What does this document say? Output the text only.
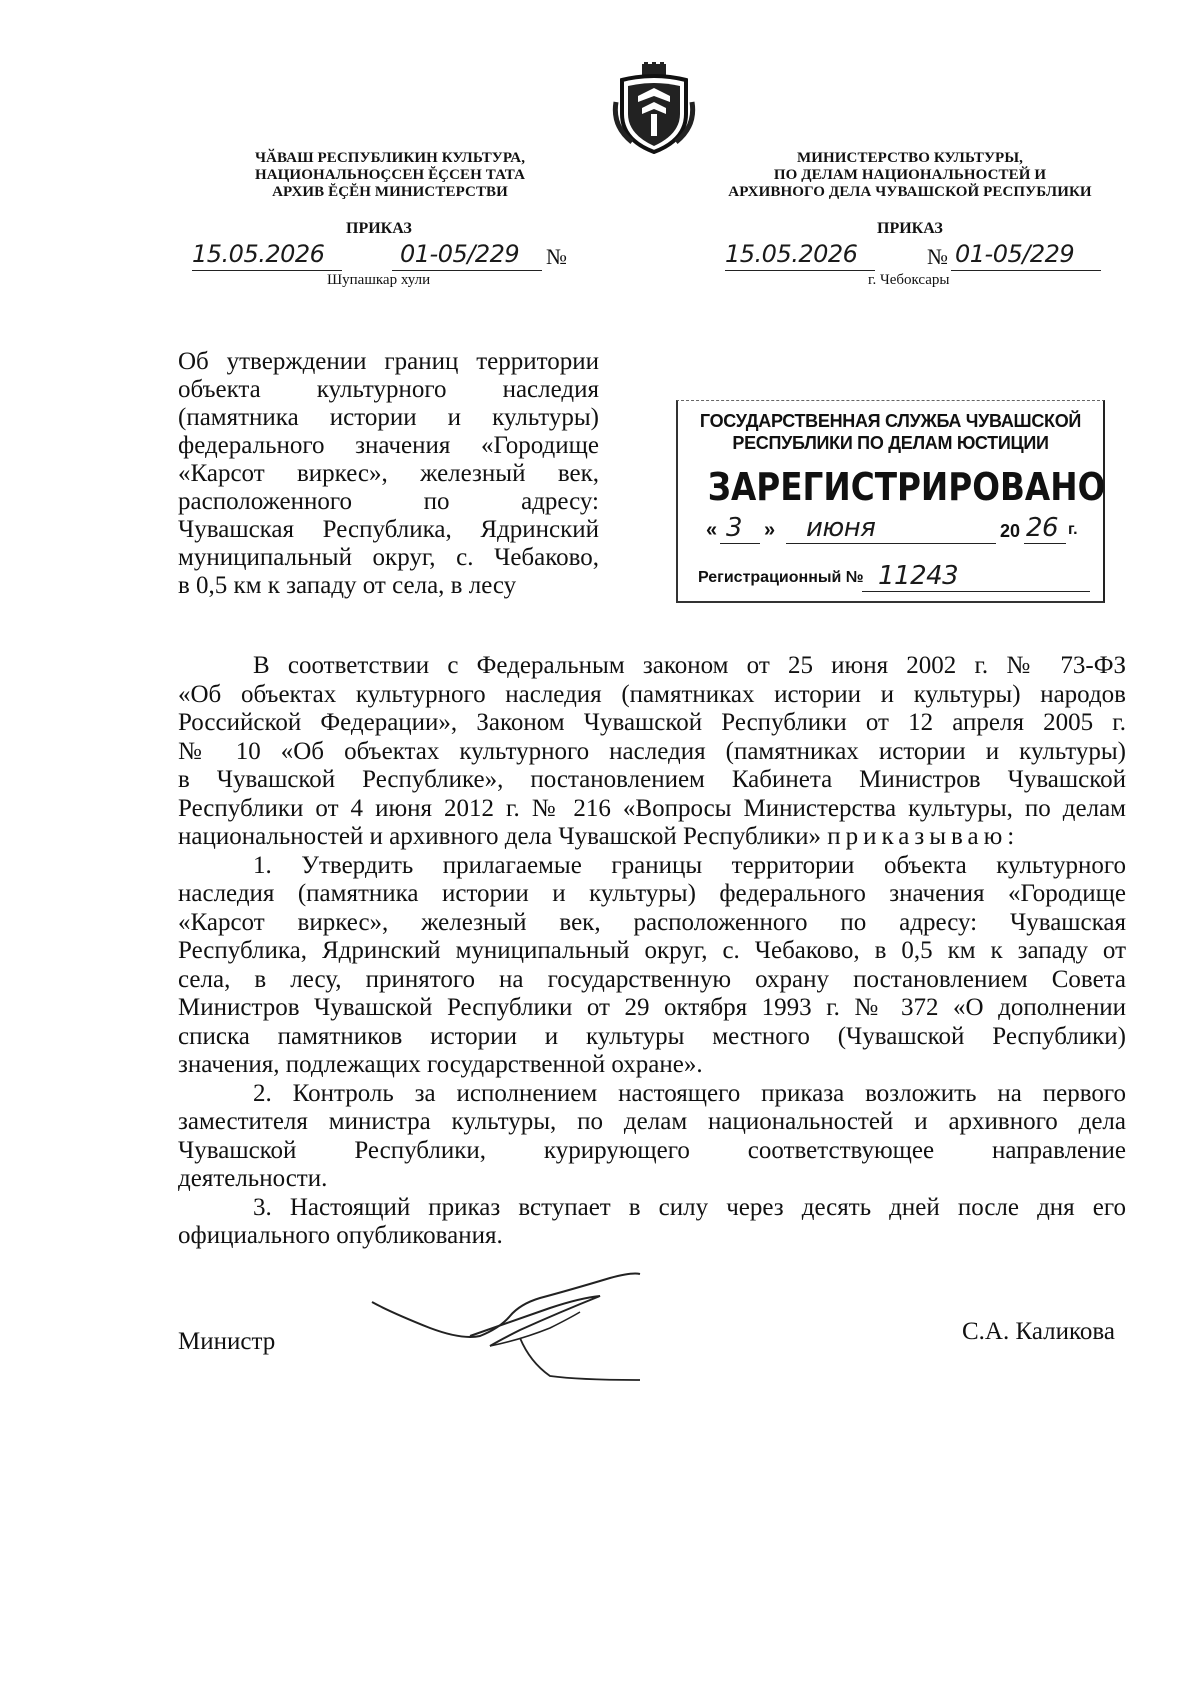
ЧӐВАШ РЕСПУБЛИКИН КУЛЬТУРА,
НАЦИОНАЛЬНОҪСЕН ĔҪСЕН ТАТА
АРХИВ ĔҪĔН МИНИСТЕРСТВИ
МИНИСТЕРСТВО КУЛЬТУРЫ,
ПО ДЕЛАМ НАЦИОНАЛЬНОСТЕЙ И
АРХИВНОГО ДЕЛА ЧУВАШСКОЙ РЕСПУБЛИКИ
ПРИКАЗ	ПРИКАЗ
15.05.2026	01-05/229 №
Шупашкар хули
15.05.2026	№ 01-05/229
г. Чебоксары
Об утверждении границ территории
объекта культурного наследия
(памятника истории и культуры)
федерального значения «Городище
«Карсот виркес», железный век,
расположенного по адресу:
Чувашская Республика, Ядринский
муниципальный округ, с. Чебаково,
в 0,5 км к западу от села, в лесу
ГОСУДАРСТВЕННАЯ СЛУЖБА ЧУВАШСКОЙ
РЕСПУБЛИКИ ПО ДЕЛАМ ЮСТИЦИИ
ЗАРЕГИСТРИРОВАНО
« 3 » июня	20 26 г.
Регистрационный № 11243

В соответствии с Федеральным законом от 25 июня 2002 г. № 73-ФЗ
«Об объектах культурного наследия (памятниках истории и культуры) народов
Российской Федерации», Законом Чувашской Республики от 12 апреля 2005 г.
№ 10 «Об объектах культурного наследия (памятниках истории и культуры)
в Чувашской Республике», постановлением Кабинета Министров Чувашской
Республики от 4 июня 2012 г. № 216 «Вопросы Министерства культуры, по делам
национальностей и архивного дела Чувашской Республики» приказываю:

1. Утвердить прилагаемые границы территории объекта культурного
наследия (памятника истории и культуры) федерального значения «Городище
«Карсот виркес», железный век, расположенного по адресу: Чувашская
Республика, Ядринский муниципальный округ, с. Чебаково, в 0,5 км к западу от
села, в лесу, принятого на государственную охрану постановлением Совета
Министров Чувашской Республики от 29 октября 1993 г. № 372 «О дополнении
списка памятников истории и культуры местного (Чувашской Республики)
значения, подлежащих государственной охране».

2. Контроль за исполнением настоящего приказа возложить на первого
заместителя министра культуры, по делам национальностей и архивного дела
Чувашской Республики, курирующего соответствующее направление
деятельности.

3. Настоящий приказ вступает в силу через десять дней после дня его
официального опубликования.

Министр	С.А. Каликова
